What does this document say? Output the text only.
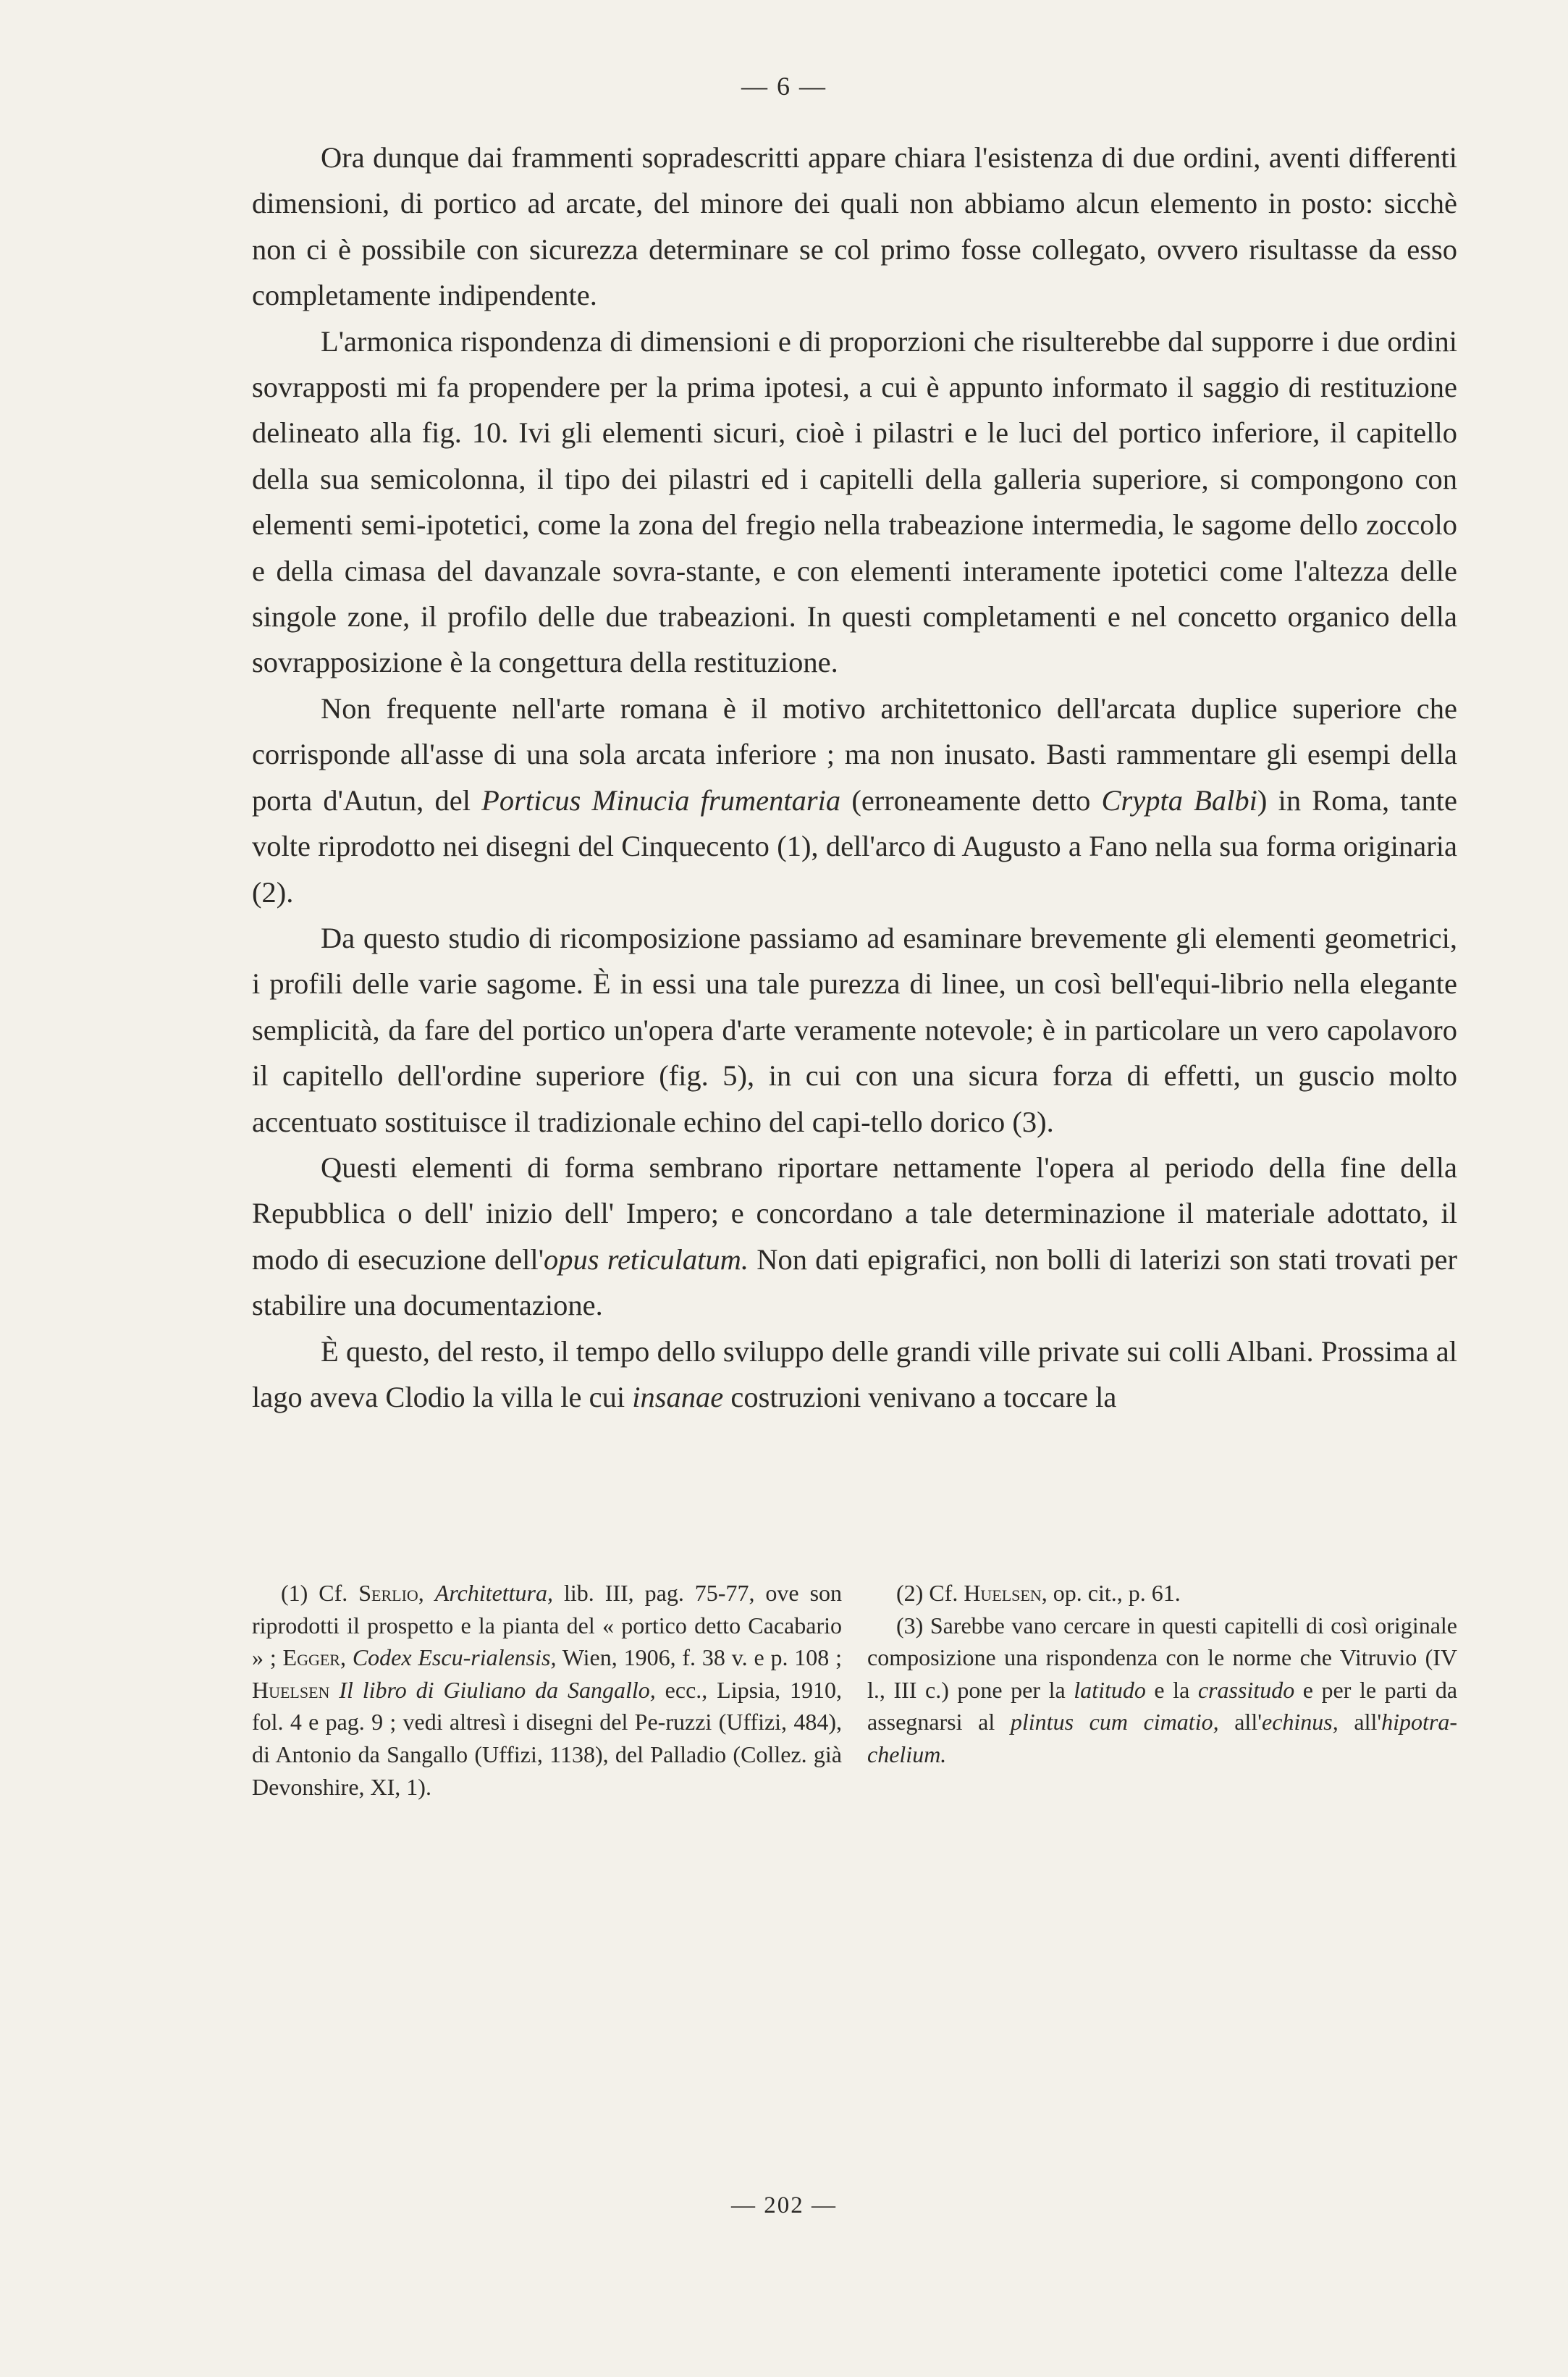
— 6 —

Ora dunque dai frammenti sopradescritti appare chiara l'esistenza di due ordini, aventi differenti dimensioni, di portico ad arcate, del minore dei quali non abbiamo alcun elemento in posto: sicchè non ci è possibile con sicurezza determinare se col primo fosse collegato, ovvero risultasse da esso completamente indipendente.

L'armonica rispondenza di dimensioni e di proporzioni che risulterebbe dal supporre i due ordini sovrapposti mi fa propendere per la prima ipotesi, a cui è appunto informato il saggio di restituzione delineato alla fig. 10. Ivi gli elementi sicuri, cioè i pilastri e le luci del portico inferiore, il capitello della sua semicolonna, il tipo dei pilastri ed i capitelli della galleria superiore, si compongono con elementi semi-ipotetici, come la zona del fregio nella trabeazione intermedia, le sagome dello zoccolo e della cimasa del davanzale sovra-stante, e con elementi interamente ipotetici come l'altezza delle singole zone, il profilo delle due trabeazioni. In questi completamenti e nel concetto organico della sovrapposizione è la congettura della restituzione.

Non frequente nell'arte romana è il motivo architettonico dell'arcata duplice superiore che corrisponde all'asse di una sola arcata inferiore ; ma non inusato. Basti rammentare gli esempi della porta d'Autun, del Porticus Minucia frumentaria (erroneamente detto Crypta Balbi) in Roma, tante volte riprodotto nei disegni del Cinquecento (1), dell'arco di Augusto a Fano nella sua forma originaria (2).

Da questo studio di ricomposizione passiamo ad esaminare brevemente gli elementi geometrici, i profili delle varie sagome. È in essi una tale purezza di linee, un così bell'equi-librio nella elegante semplicità, da fare del portico un'opera d'arte veramente notevole; è in particolare un vero capolavoro il capitello dell'ordine superiore (fig. 5), in cui con una sicura forza di effetti, un guscio molto accentuato sostituisce il tradizionale echino del capi-tello dorico (3).

Questi elementi di forma sembrano riportare nettamente l'opera al periodo della fine della Repubblica o dell' inizio dell' Impero; e concordano a tale determinazione il materiale adottato, il modo di esecuzione dell'opus reticulatum. Non dati epigrafici, non bolli di laterizi son stati trovati per stabilire una documentazione.

È questo, del resto, il tempo dello sviluppo delle grandi ville private sui colli Albani. Prossima al lago aveva Clodio la villa le cui insanae costruzioni venivano a toccare la

(1) Cf. Serlio, Architettura, lib. III, pag. 75-77, ove son riprodotti il prospetto e la pianta del « portico detto Cacabario » ; Egger, Codex Escu-rialensis, Wien, 1906, f. 38 v. e p. 108 ; Huelsen Il libro di Giuliano da Sangallo, ecc., Lipsia, 1910, fol. 4 e pag. 9 ; vedi altresì i disegni del Pe-ruzzi (Uffizi, 484), di Antonio da Sangallo (Uffizi, 1138), del Palladio (Collez. già Devonshire, XI, 1).

(2) Cf. Huelsen, op. cit., p. 61.

(3) Sarebbe vano cercare in questi capitelli di così originale composizione una rispondenza con le norme che Vitruvio (IV l., III c.) pone per la latitudo e la crassitudo e per le parti da assegnarsi al plintus cum cimatio, all'echinus, all'hipotra-chelium.

— 202 —
